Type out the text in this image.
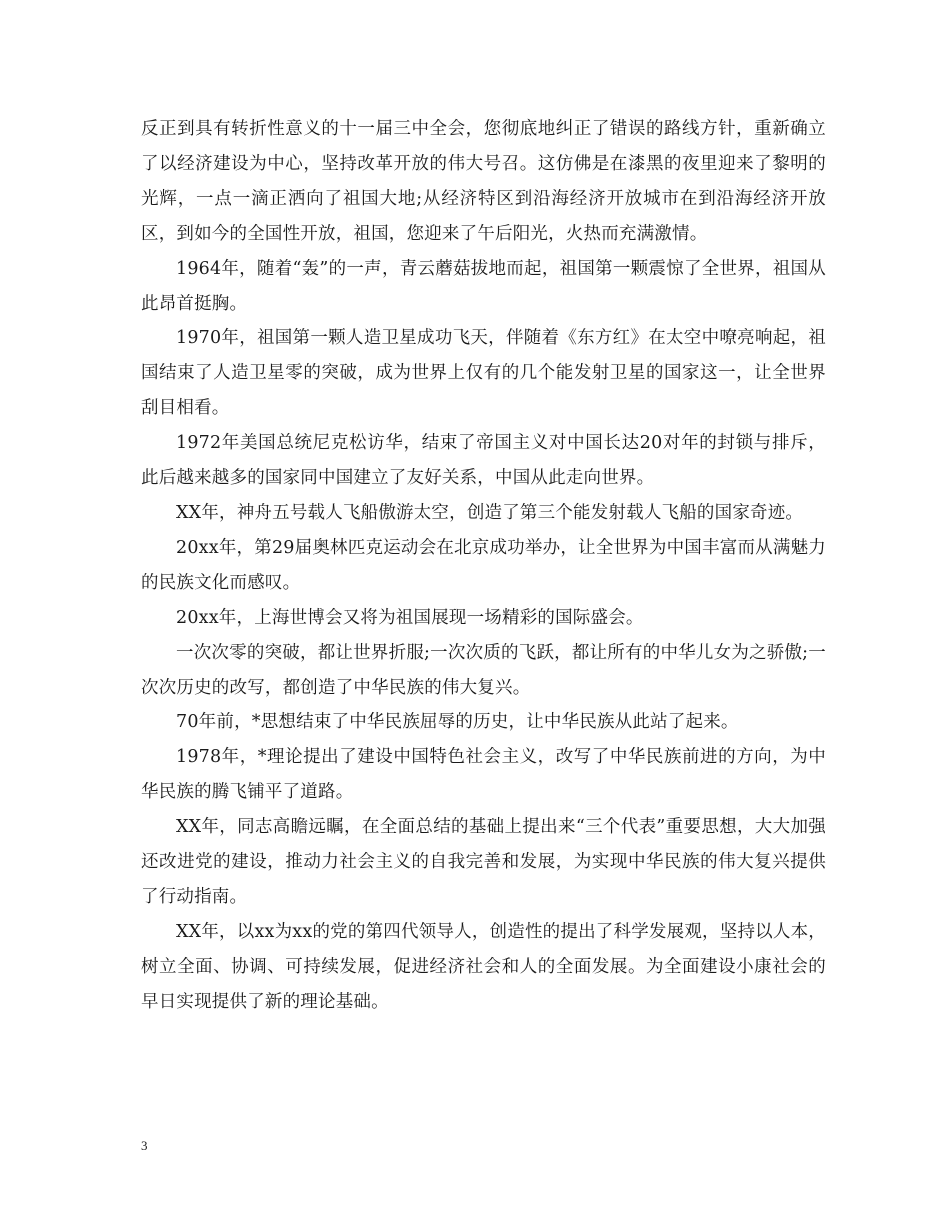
反正到具有转折性意义的十一届三中全会，您彻底地纠正了错误的路线方针，重新确立了以经济建设为中心，坚持改革开放的伟大号召。这仿佛是在漆黑的夜里迎来了黎明的光辉，一点一滴正洒向了祖国大地;从经济特区到沿海经济开放城市在到沿海经济开放区，到如今的全国性开放，祖国，您迎来了午后阳光，火热而充满激情。

1964年，随着“轰”的一声，青云蘑菇拔地而起，祖国第一颗震惊了全世界，祖国从此昂首挺胸。

1970年，祖国第一颗人造卫星成功飞天，伴随着《东方红》在太空中嘹亮响起，祖国结束了人造卫星零的突破，成为世界上仅有的几个能发射卫星的国家这一，让全世界刮目相看。

1972年美国总统尼克松访华，结束了帝国主义对中国长达20对年的封锁与排斥，此后越来越多的国家同中国建立了友好关系，中国从此走向世界。

XX年，神舟五号载人飞船傲游太空，创造了第三个能发射载人飞船的国家奇迹。

20xx年，第29届奥林匹克运动会在北京成功举办，让全世界为中国丰富而从满魅力的民族文化而感叹。

20xx年，上海世博会又将为祖国展现一场精彩的国际盛会。

一次次零的突破，都让世界折服;一次次质的飞跃，都让所有的中华儿女为之骄傲;一次次历史的改写，都创造了中华民族的伟大复兴。

70年前，*思想结束了中华民族屈辱的历史，让中华民族从此站了起来。

1978年，*理论提出了建设中国特色社会主义，改写了中华民族前进的方向，为中华民族的腾飞铺平了道路。

XX年，同志高瞻远瞩，在全面总结的基础上提出来“三个代表”重要思想，大大加强还改进党的建设，推动力社会主义的自我完善和发展，为实现中华民族的伟大复兴提供了行动指南。

XX年，以xx为xx的党的第四代领导人，创造性的提出了科学发展观，坚持以人本，树立全面、协调、可持续发展，促进经济社会和人的全面发展。为全面建设小康社会的早日实现提供了新的理论基础。

3
